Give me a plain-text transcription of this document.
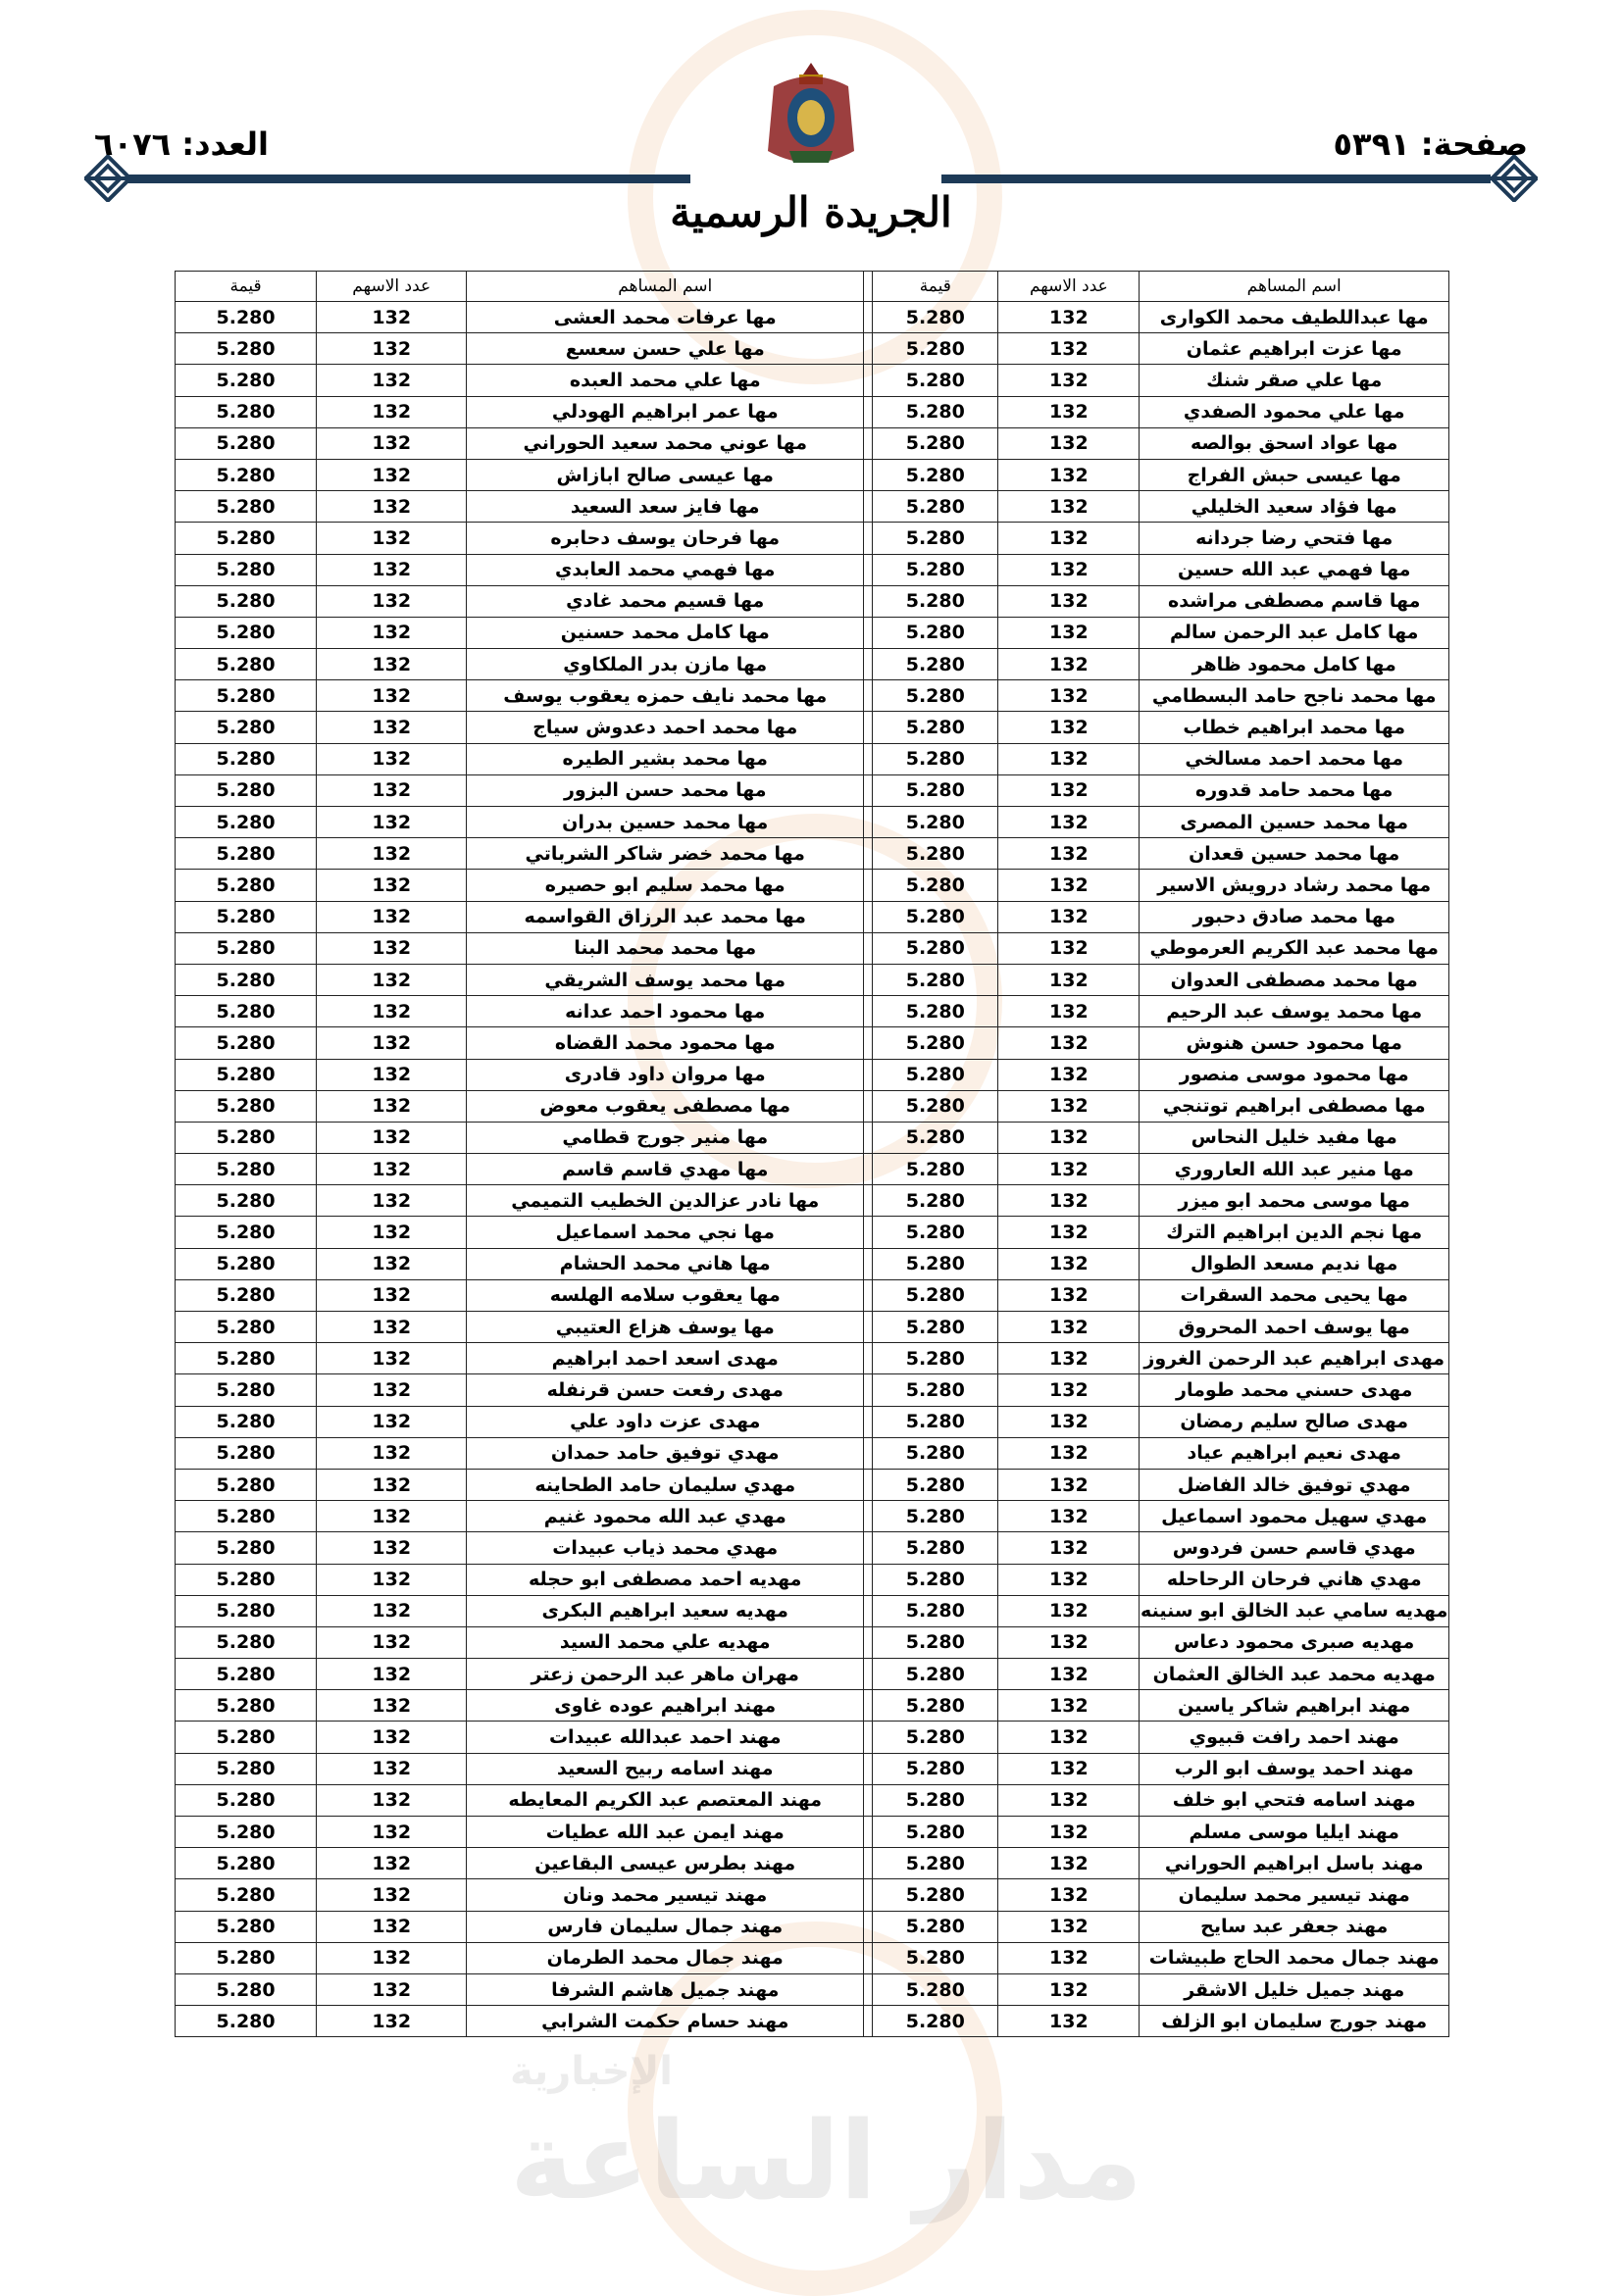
مدار الساعة
الإخبارية
صفحة: ٥٣٩١
العدد: ٦٠٧٦
الجريدة الرسمية
اسم المساهم	عدد الاسهم	قيمة		اسم المساهم	عدد الاسهم	قيمة
مها عبداللطيف محمد الكوارى	132	5.280		مها عرفات محمد العشى	132	5.280
مها عزت ابراهيم عثمان	132	5.280		مها علي حسن سعسع	132	5.280
مها علي صقر شنك	132	5.280		مها علي محمد العبده	132	5.280
مها علي محمود الصفدي	132	5.280		مها عمر ابراهيم الهودلي	132	5.280
مها عواد اسحق بوالصه	132	5.280		مها عوني محمد سعيد الحوراني	132	5.280
مها عيسى حبش الفراج	132	5.280		مها عيسى صالح ابازاش	132	5.280
مها فؤاد سعيد الخليلي	132	5.280		مها فايز سعد السعيد	132	5.280
مها فتحي رضا جردانه	132	5.280		مها فرحان يوسف دحابره	132	5.280
مها فهمي عبد الله حسين	132	5.280		مها فهمي محمد العابدي	132	5.280
مها قاسم مصطفى مراشده	132	5.280		مها قسيم محمد غادي	132	5.280
مها كامل عبد الرحمن سالم	132	5.280		مها كامل محمد حسنين	132	5.280
مها كامل محمود ظاهر	132	5.280		مها مازن بدر الملكاوي	132	5.280
مها محمد ناجح حامد البسطامي	132	5.280		مها محمد نايف حمزه يعقوب يوسف	132	5.280
مها محمد ابراهيم خطاب	132	5.280		مها محمد احمد دعدوش سياج	132	5.280
مها محمد احمد مسالخي	132	5.280		مها محمد بشير الطيره	132	5.280
مها محمد حامد قدوره	132	5.280		مها محمد حسن البزور	132	5.280
مها محمد حسين المصرى	132	5.280		مها محمد حسين بدران	132	5.280
مها محمد حسين قعدان	132	5.280		مها محمد خضر شاكر الشرباتي	132	5.280
مها محمد رشاد درويش الاسير	132	5.280		مها محمد سليم ابو حصيره	132	5.280
مها محمد صادق دحبور	132	5.280		مها محمد عبد الرزاق القواسمه	132	5.280
مها محمد عبد الكريم العرموطي	132	5.280		مها محمد محمد البنا	132	5.280
مها محمد مصطفى العدوان	132	5.280		مها محمد يوسف الشريقي	132	5.280
مها محمد يوسف عبد الرحيم	132	5.280		مها محمود احمد عدانه	132	5.280
مها محمود حسن هنوش	132	5.280		مها محمود محمد القضاه	132	5.280
مها محمود موسى منصور	132	5.280		مها مروان داود قادرى	132	5.280
مها مصطفى ابراهيم توتنجي	132	5.280		مها مصطفى يعقوب معوض	132	5.280
مها مفيد خليل النحاس	132	5.280		مها منير جورج قطامي	132	5.280
مها منير عبد الله العاروري	132	5.280		مها مهدي قاسم قاسم	132	5.280
مها موسى محمد ابو ميزر	132	5.280		مها نادر عزالدين الخطيب التميمي	132	5.280
مها نجم الدين ابراهيم الترك	132	5.280		مها نجي محمد اسماعيل	132	5.280
مها نديم مسعد الطوال	132	5.280		مها هاني محمد الحشام	132	5.280
مها يحيى محمد السقرات	132	5.280		مها يعقوب سلامه الهلسه	132	5.280
مها يوسف احمد المحروق	132	5.280		مها يوسف هزاع العتيبي	132	5.280
مهدى ابراهيم عبد الرحمن الغروز	132	5.280		مهدى اسعد احمد ابراهيم	132	5.280
مهدى حسني محمد طومار	132	5.280		مهدى رفعت حسن قرنفله	132	5.280
مهدى صالح سليم رمضان	132	5.280		مهدى عزت داود علي	132	5.280
مهدى نعيم ابراهيم عياد	132	5.280		مهدي توفيق حامد حمدان	132	5.280
مهدي توفيق خالد الفاضل	132	5.280		مهدي سليمان حامد الطحاينه	132	5.280
مهدي سهيل محمود اسماعيل	132	5.280		مهدي عبد الله محمود غنيم	132	5.280
مهدي قاسم حسن فردوس	132	5.280		مهدي محمد ذياب عبيدات	132	5.280
مهدي هاني فرحان الرحاحله	132	5.280		مهديه احمد مصطفى ابو حجله	132	5.280
مهديه سامي عبد الخالق ابو سنينه	132	5.280		مهديه سعيد ابراهيم البكرى	132	5.280
مهديه صبرى محمود دعاس	132	5.280		مهديه علي محمد السيد	132	5.280
مهديه محمد عبد الخالق العثمان	132	5.280		مهران ماهر عبد الرحمن زعتر	132	5.280
مهند ابراهيم شاكر ياسين	132	5.280		مهند ابراهيم عوده غاوى	132	5.280
مهند احمد رافت قبيوي	132	5.280		مهند احمد عبدالله عبيدات	132	5.280
مهند احمد يوسف ابو الرب	132	5.280		مهند اسامه ربيح السعيد	132	5.280
مهند اسامه فتحي ابو خلف	132	5.280		مهند المعتصم عبد الكريم المعايطه	132	5.280
مهند ايليا موسى مسلم	132	5.280		مهند ايمن عبد الله عطيات	132	5.280
مهند باسل ابراهيم الحوراني	132	5.280		مهند بطرس عيسى البقاعين	132	5.280
مهند تيسير محمد سليمان	132	5.280		مهند تيسير محمد ونان	132	5.280
مهند جعفر عبد سايح	132	5.280		مهند جمال سليمان فارس	132	5.280
مهند جمال محمد الحاج طبيشات	132	5.280		مهند جمال محمد الطرمان	132	5.280
مهند جميل خليل الاشقر	132	5.280		مهند جميل هاشم الشرفا	132	5.280
مهند جورج سليمان ابو الزلف	132	5.280		مهند حسام حكمت الشرابي	132	5.280
